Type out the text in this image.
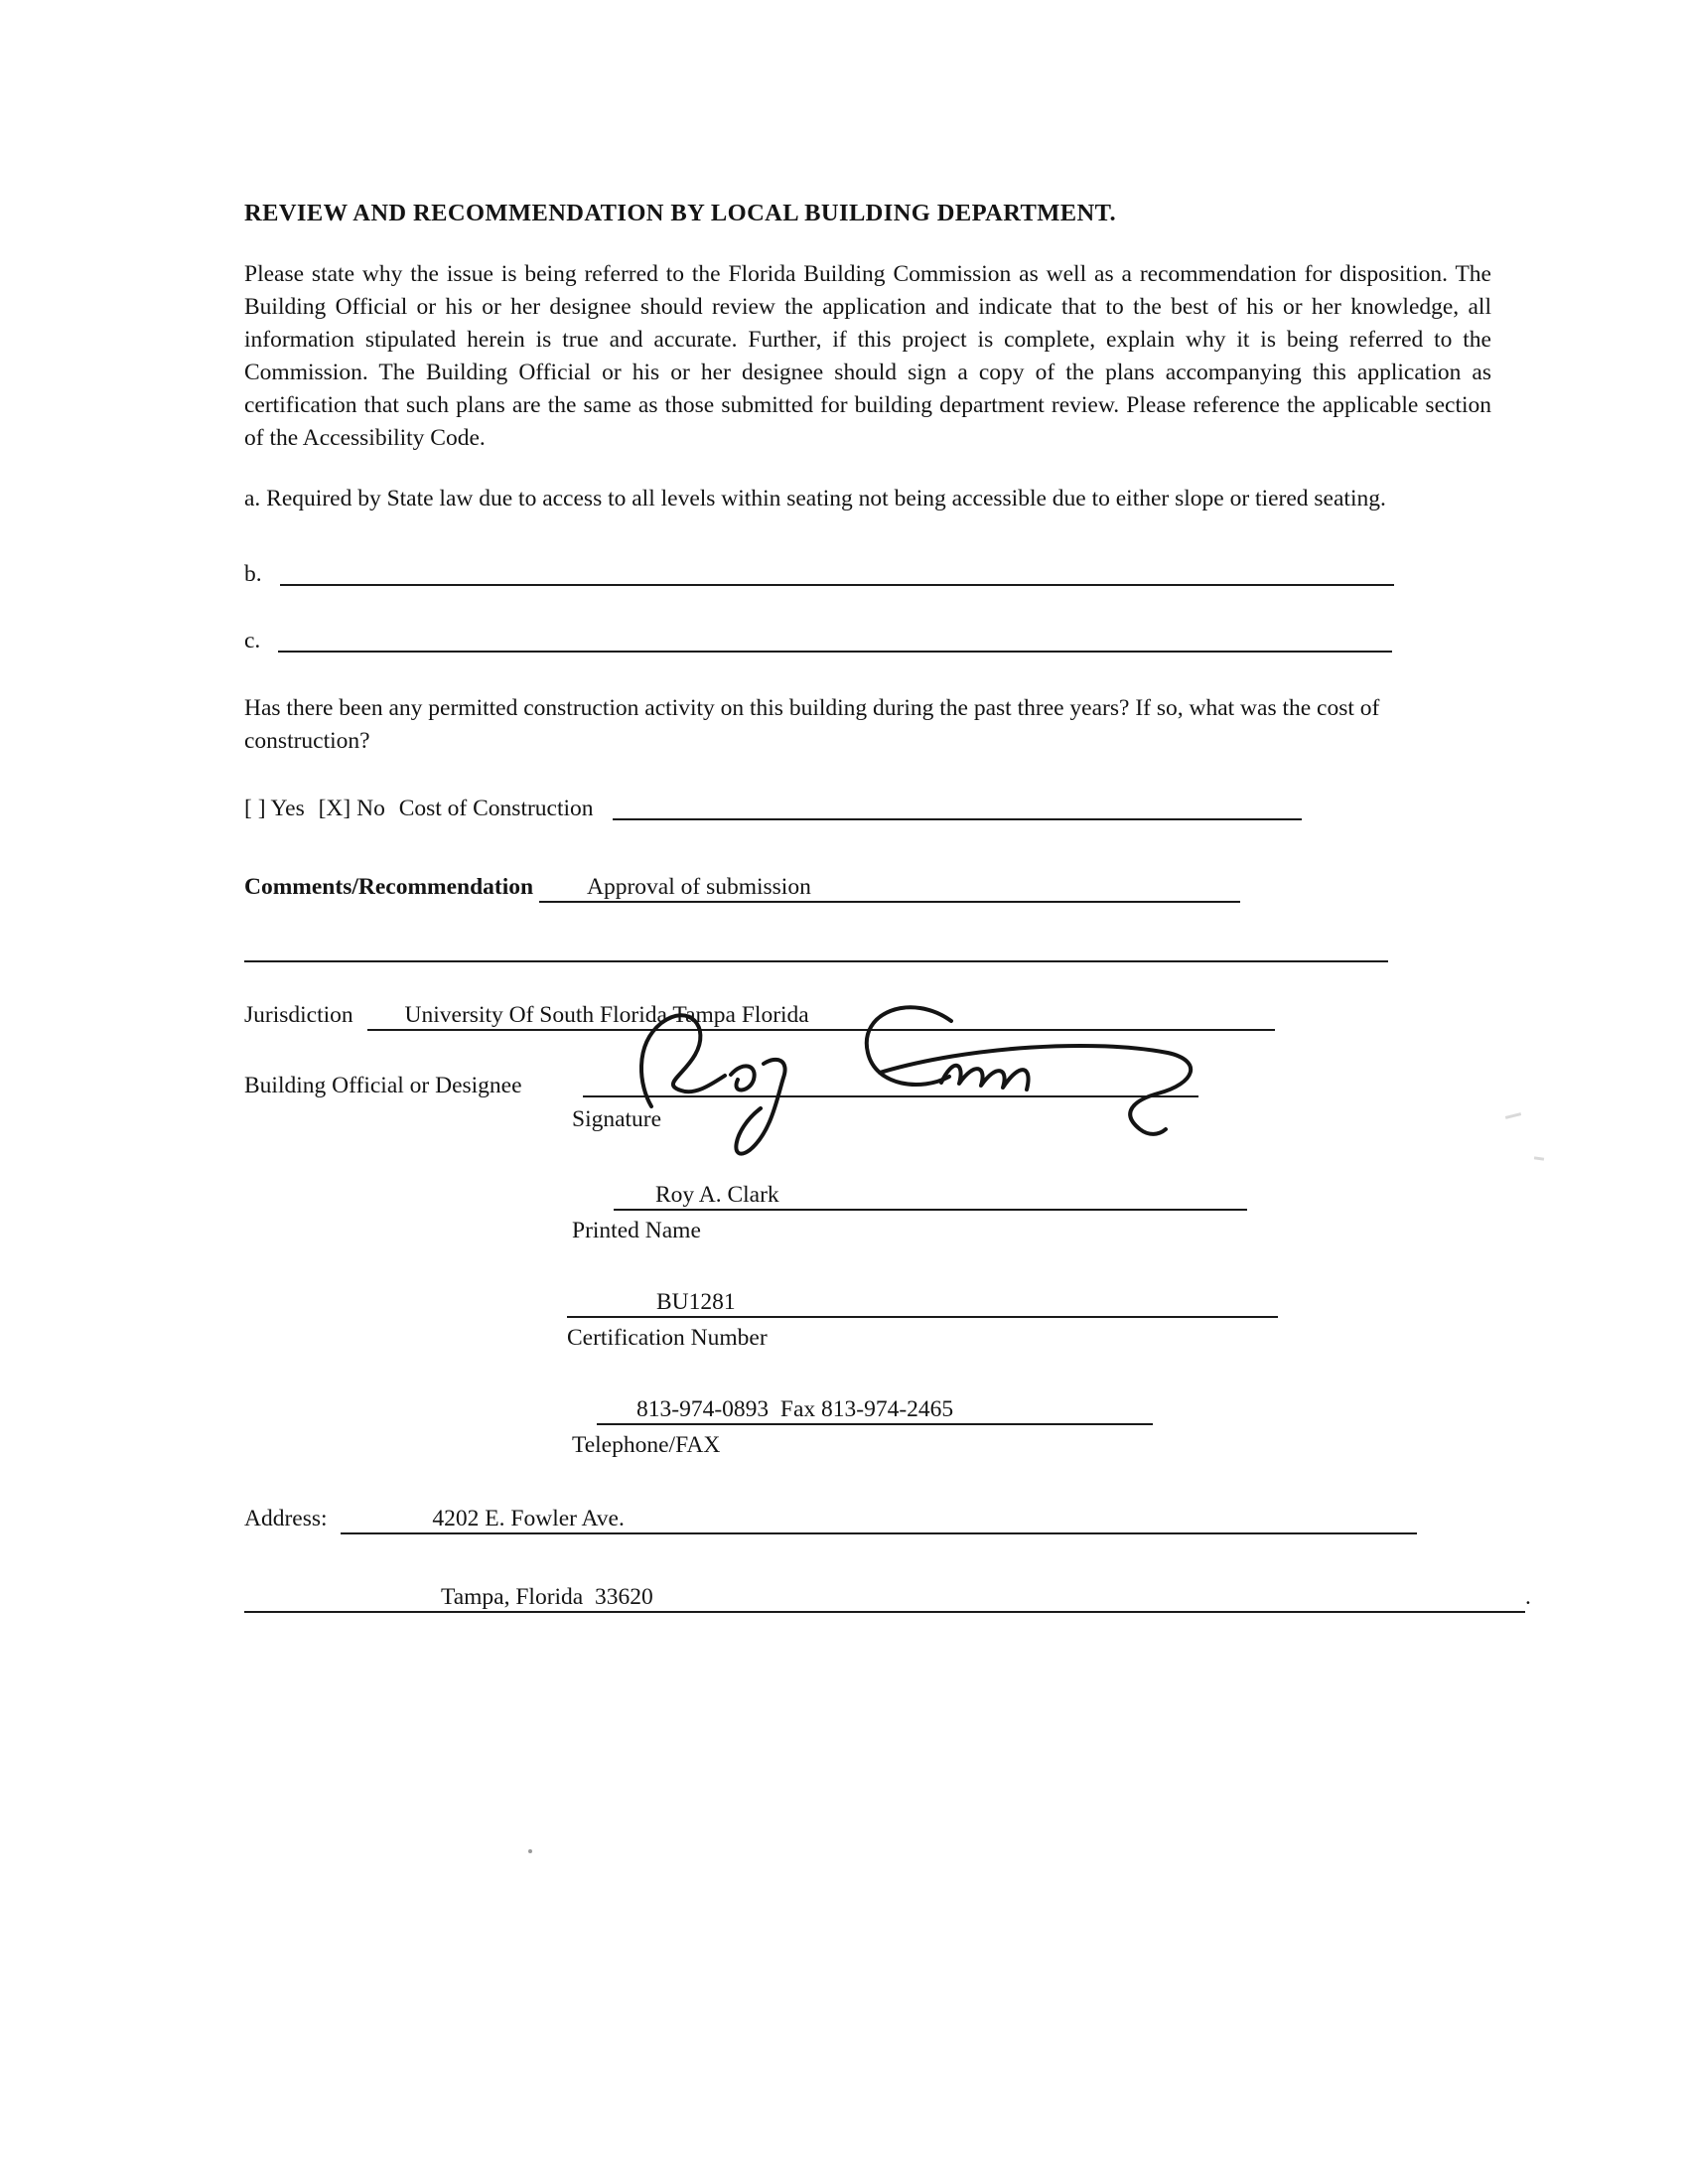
REVIEW AND RECOMMENDATION BY LOCAL BUILDING DEPARTMENT.
Please state why the issue is being referred to the Florida Building Commission as well as a recommendation for disposition. The Building Official or his or her designee should review the application and indicate that to the best of his or her knowledge, all information stipulated herein is true and accurate. Further, if this project is complete, explain why it is being referred to the Commission. The Building Official or his or her designee should sign a copy of the plans accompanying this application as certification that such plans are the same as those submitted for building department review. Please reference the applicable section of the Accessibility Code.
a. Required by State law due to access to all levels within seating not being accessible due to either slope or tiered seating.
b.
c.
Has there been any permitted construction activity on this building during the past three years? If so, what was the cost of construction?
[ ] Yes [X] No Cost of Construction
Comments/Recommendation Approval of submission
Jurisdiction University Of South Florida Tampa Florida
Building Official or Designee
Signature
Roy A. Clark
Printed Name
BU1281
Certification Number
813-974-0893  Fax 813-974-2465
Telephone/FAX
Address:	4202 E. Fowler Ave.
Tampa, Florida  33620	.
